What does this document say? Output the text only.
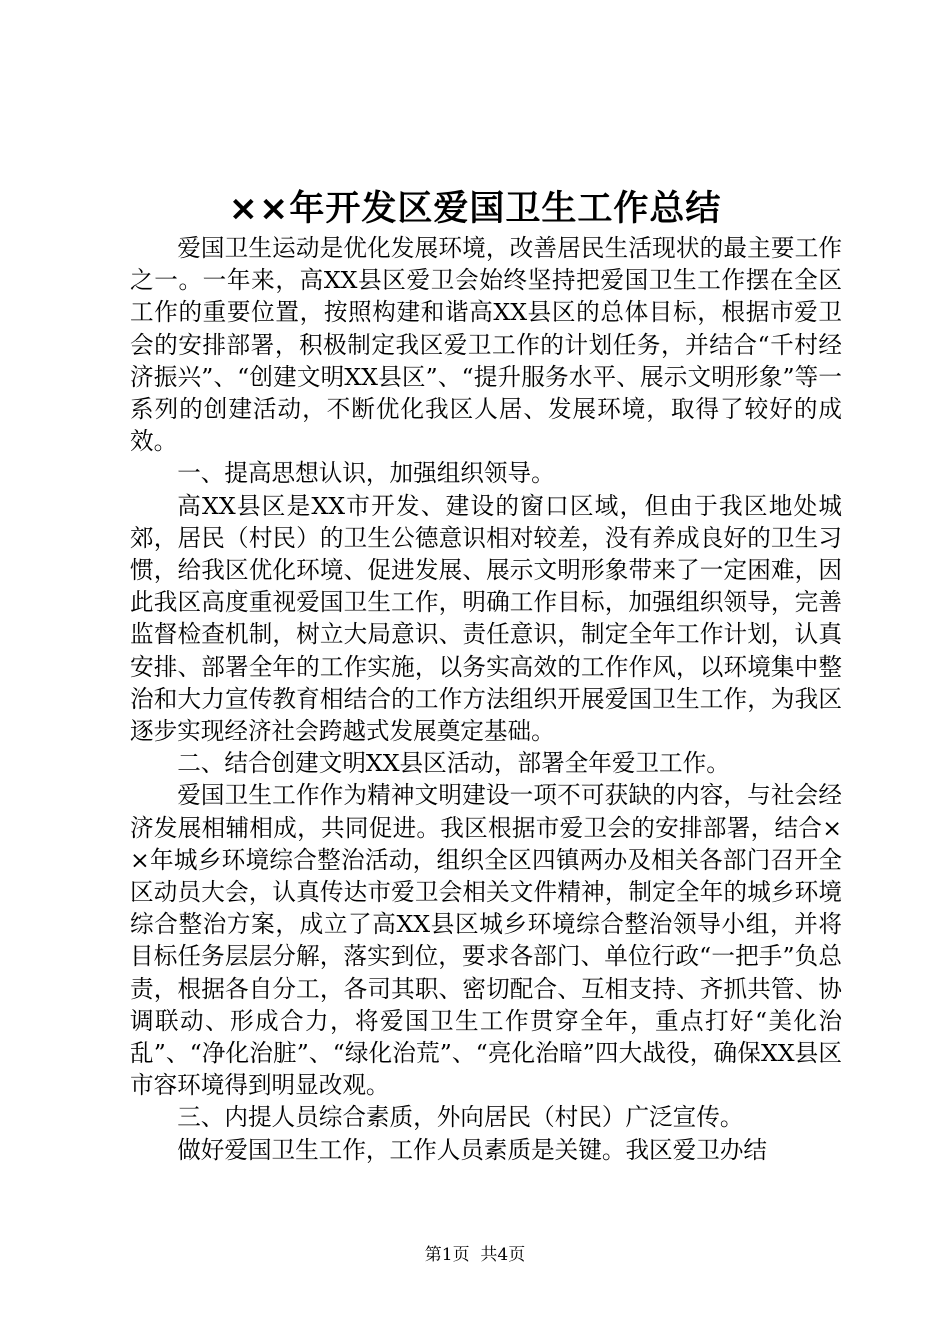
××年开发区爱国卫生工作总结

爱国卫生运动是优化发展环境，改善居民生活现状的最主要工作之一。一年来，高XX县区爱卫会始终坚持把爱国卫生工作摆在全区工作的重要位置，按照构建和谐高XX县区的总体目标，根据市爱卫会的安排部署，积极制定我区爱卫工作的计划任务，并结合“千村经济振兴”、“创建文明XX县区”、“提升服务水平、展示文明形象”等一系列的创建活动，不断优化我区人居、发展环境，取得了较好的成效。

一、提高思想认识，加强组织领导。

高XX县区是XX市开发、建设的窗口区域，但由于我区地处城郊，居民（村民）的卫生公德意识相对较差，没有养成良好的卫生习惯，给我区优化环境、促进发展、展示文明形象带来了一定困难，因此我区高度重视爱国卫生工作，明确工作目标，加强组织领导，完善监督检查机制，树立大局意识、责任意识，制定全年工作计划，认真安排、部署全年的工作实施，以务实高效的工作作风，以环境集中整治和大力宣传教育相结合的工作方法组织开展爱国卫生工作，为我区逐步实现经济社会跨越式发展奠定基础。

二、结合创建文明XX县区活动，部署全年爱卫工作。

爱国卫生工作作为精神文明建设一项不可获缺的内容，与社会经济发展相辅相成，共同促进。我区根据市爱卫会的安排部署，结合××年城乡环境综合整治活动，组织全区四镇两办及相关各部门召开全区动员大会，认真传达市爱卫会相关文件精神，制定全年的城乡环境综合整治方案，成立了高XX县区城乡环境综合整治领导小组，并将目标任务层层分解，落实到位，要求各部门、单位行政“一把手”负总责，根据各自分工，各司其职、密切配合、互相支持、齐抓共管、协调联动、形成合力，将爱国卫生工作贯穿全年，重点打好“美化治乱”、“净化治脏”、“绿化治荒”、“亮化治暗”四大战役，确保XX县区市容环境得到明显改观。

三、内提人员综合素质，外向居民（村民）广泛宣传。

做好爱国卫生工作，工作人员素质是关键。我区爱卫办结

第1页 共4页
